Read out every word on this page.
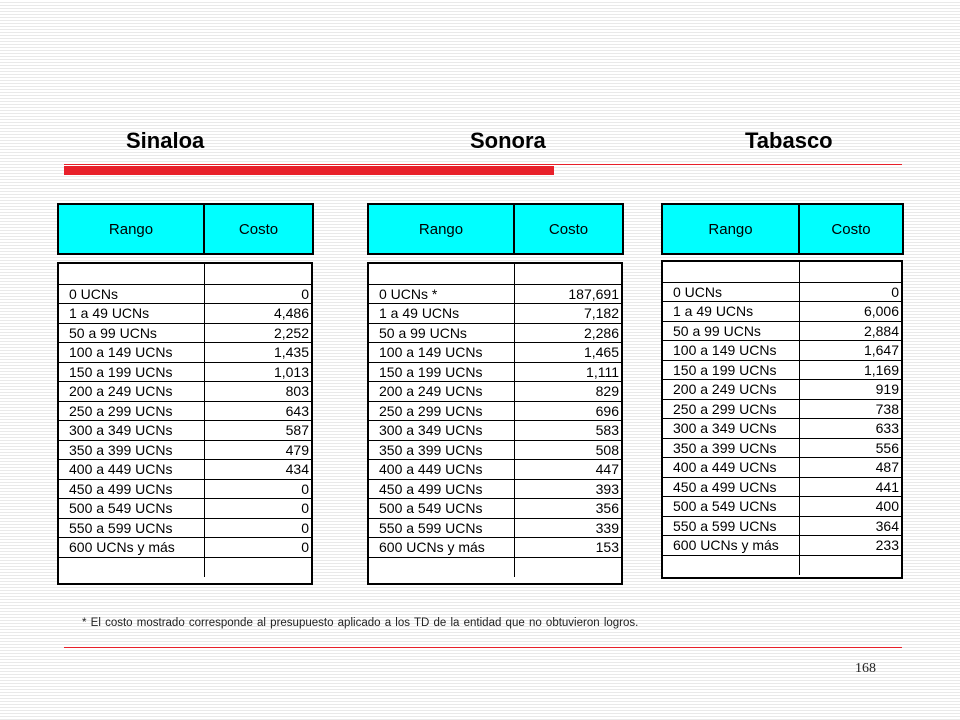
Sinaloa	Sonora	Tabasco
Rango	Costo

0 UCNs	0
1 a 49 UCNs	4,486
50 a 99 UCNs	2,252
100 a 149 UCNs	1,435
150 a 199 UCNs	1,013
200 a 249 UCNs	803
250 a 299 UCNs	643
300 a 349 UCNs	587
350 a 399 UCNs	479
400 a 449 UCNs	434
450 a 499 UCNs	0
500 a 549 UCNs	0
550 a 599 UCNs	0
600 UCNs y más	0

Rango	Costo

0 UCNs *	187,691
1 a 49 UCNs	7,182
50 a 99 UCNs	2,286
100 a 149 UCNs	1,465
150 a 199 UCNs	1,111
200 a 249 UCNs	829
250 a 299 UCNs	696
300 a 349 UCNs	583
350 a 399 UCNs	508
400 a 449 UCNs	447
450 a 499 UCNs	393
500 a 549 UCNs	356
550 a 599 UCNs	339
600 UCNs y más	153

Rango	Costo

0 UCNs	0
1 a 49 UCNs	6,006
50 a 99 UCNs	2,884
100 a 149 UCNs	1,647
150 a 199 UCNs	1,169
200 a 249 UCNs	919
250 a 299 UCNs	738
300 a 349 UCNs	633
350 a 399 UCNs	556
400 a 449 UCNs	487
450 a 499 UCNs	441
500 a 549 UCNs	400
550 a 599 UCNs	364
600 UCNs y más	233

* El costo mostrado corresponde al presupuesto aplicado a los TD de la entidad que no obtuvieron logros.
168
